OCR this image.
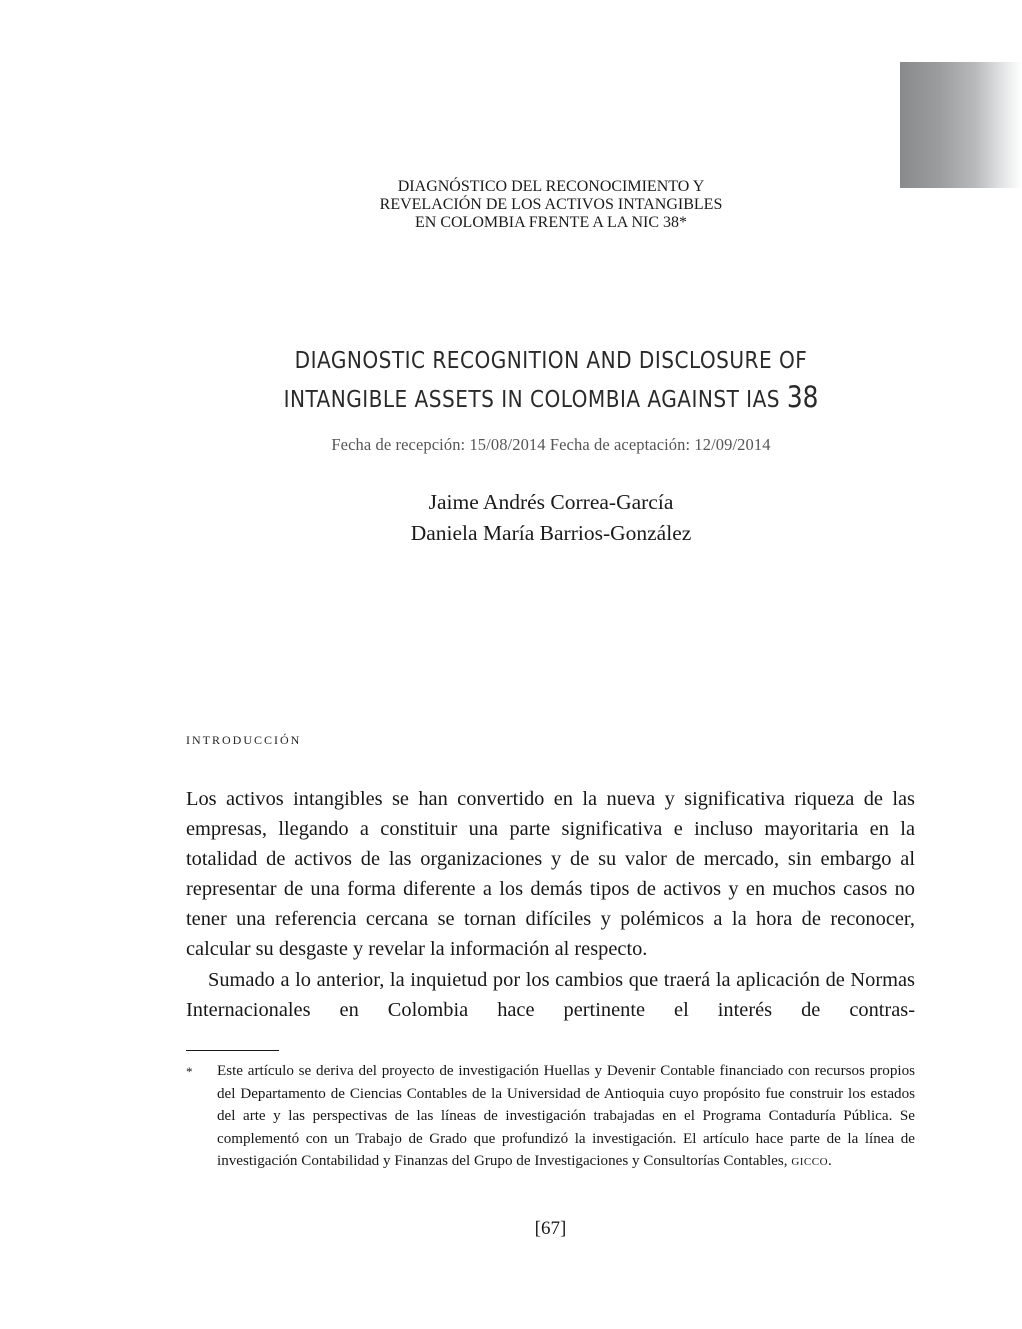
DIAGNÓSTICO DEL RECONOCIMIENTO Y
REVELACIÓN DE LOS ACTIVOS INTANGIBLES
EN COLOMBIA FRENTE A LA NIC 38*
DIAGNOSTIC RECOGNITION AND DISCLOSURE OF
INTANGIBLE ASSETS IN COLOMBIA AGAINST IAS 38
Fecha de recepción: 15/08/2014 Fecha de aceptación: 12/09/2014
Jaime Andrés Correa-García
Daniela María Barrios-González
introducción

Los activos intangibles se han convertido en la nueva y significativa riqueza de las empresas, llegando a constituir una parte significativa e incluso mayoritaria en la totalidad de activos de las organizaciones y de su valor de mercado, sin embargo al representar de una forma diferente a los demás tipos de activos y en muchos casos no tener una referencia cercana se tornan difíciles y polémicos a la hora de reconocer, calcular su desgaste y revelar la información al respecto.

Sumado a lo anterior, la inquietud por los cambios que traerá la aplicación de Normas Internacionales en Colombia hace pertinente el interés de contras-

*	Este artículo se deriva del proyecto de investigación Huellas y Devenir Contable financiado con recursos propios del Departamento de Ciencias Contables de la Universidad de Antioquia cuyo propósito fue construir los estados del arte y las perspectivas de las líneas de investigación trabajadas en el Programa Contaduría Pública. Se complementó con un Trabajo de Grado que profundizó la investigación. El artículo hace parte de la línea de investigación Contabilidad y Finanzas del Grupo de Investigaciones y Consultorías Contables, gicco.
[67]
